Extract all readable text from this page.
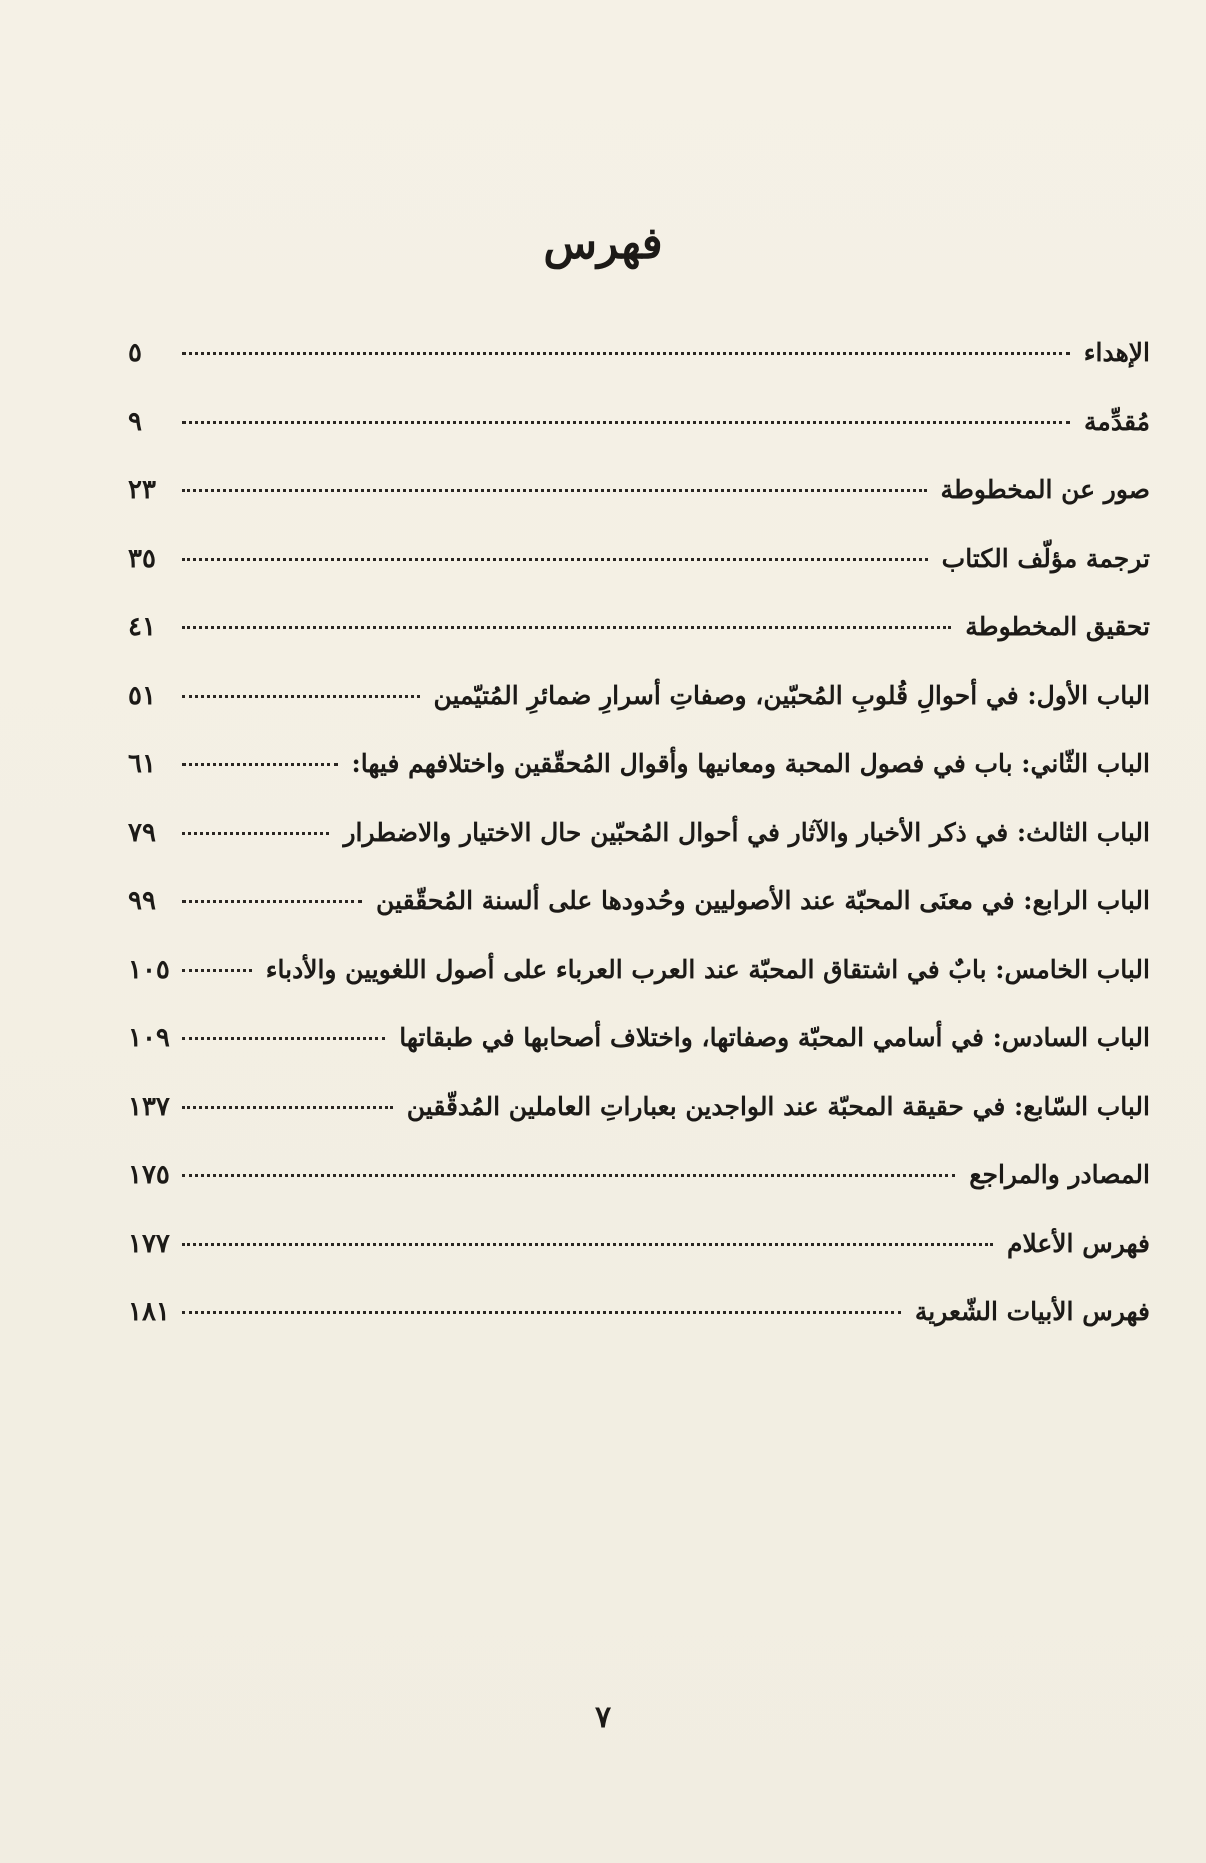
فهرس
الإهداء
٥
مُقدِّمة
٩
صور عن المخطوطة
٢٣
ترجمة مؤلّف الكتاب
٣٥
تحقيق المخطوطة
٤١
الباب الأول: في أحوالِ قُلوبِ المُحبّين، وصفاتِ أسرارِ ضمائرِ المُتيّمين
٥١
الباب الثّاني: باب في فصول المحبة ومعانيها وأقوال المُحقّقين واختلافهم فيها:
٦١
الباب الثالث: في ذكر الأخبار والآثار في أحوال المُحبّين حال الاختيار والاضطرار
٧٩
الباب الرابع: في معنَى المحبّة عند الأصوليين وحُدودها على ألسنة المُحقّقين
٩٩
الباب الخامس: بابٌ في اشتقاق المحبّة عند العرب العرباء على أصول اللغويين والأدباء
١٠٥
الباب السادس: في أسامي المحبّة وصفاتها، واختلاف أصحابها في طبقاتها
١٠٩
الباب السّابع: في حقيقة المحبّة عند الواجدين بعباراتِ العاملين المُدقّقين
١٣٧
المصادر والمراجع
١٧٥
فهرس الأعلام
١٧٧
فهرس الأبيات الشّعرية
١٨١
٧
